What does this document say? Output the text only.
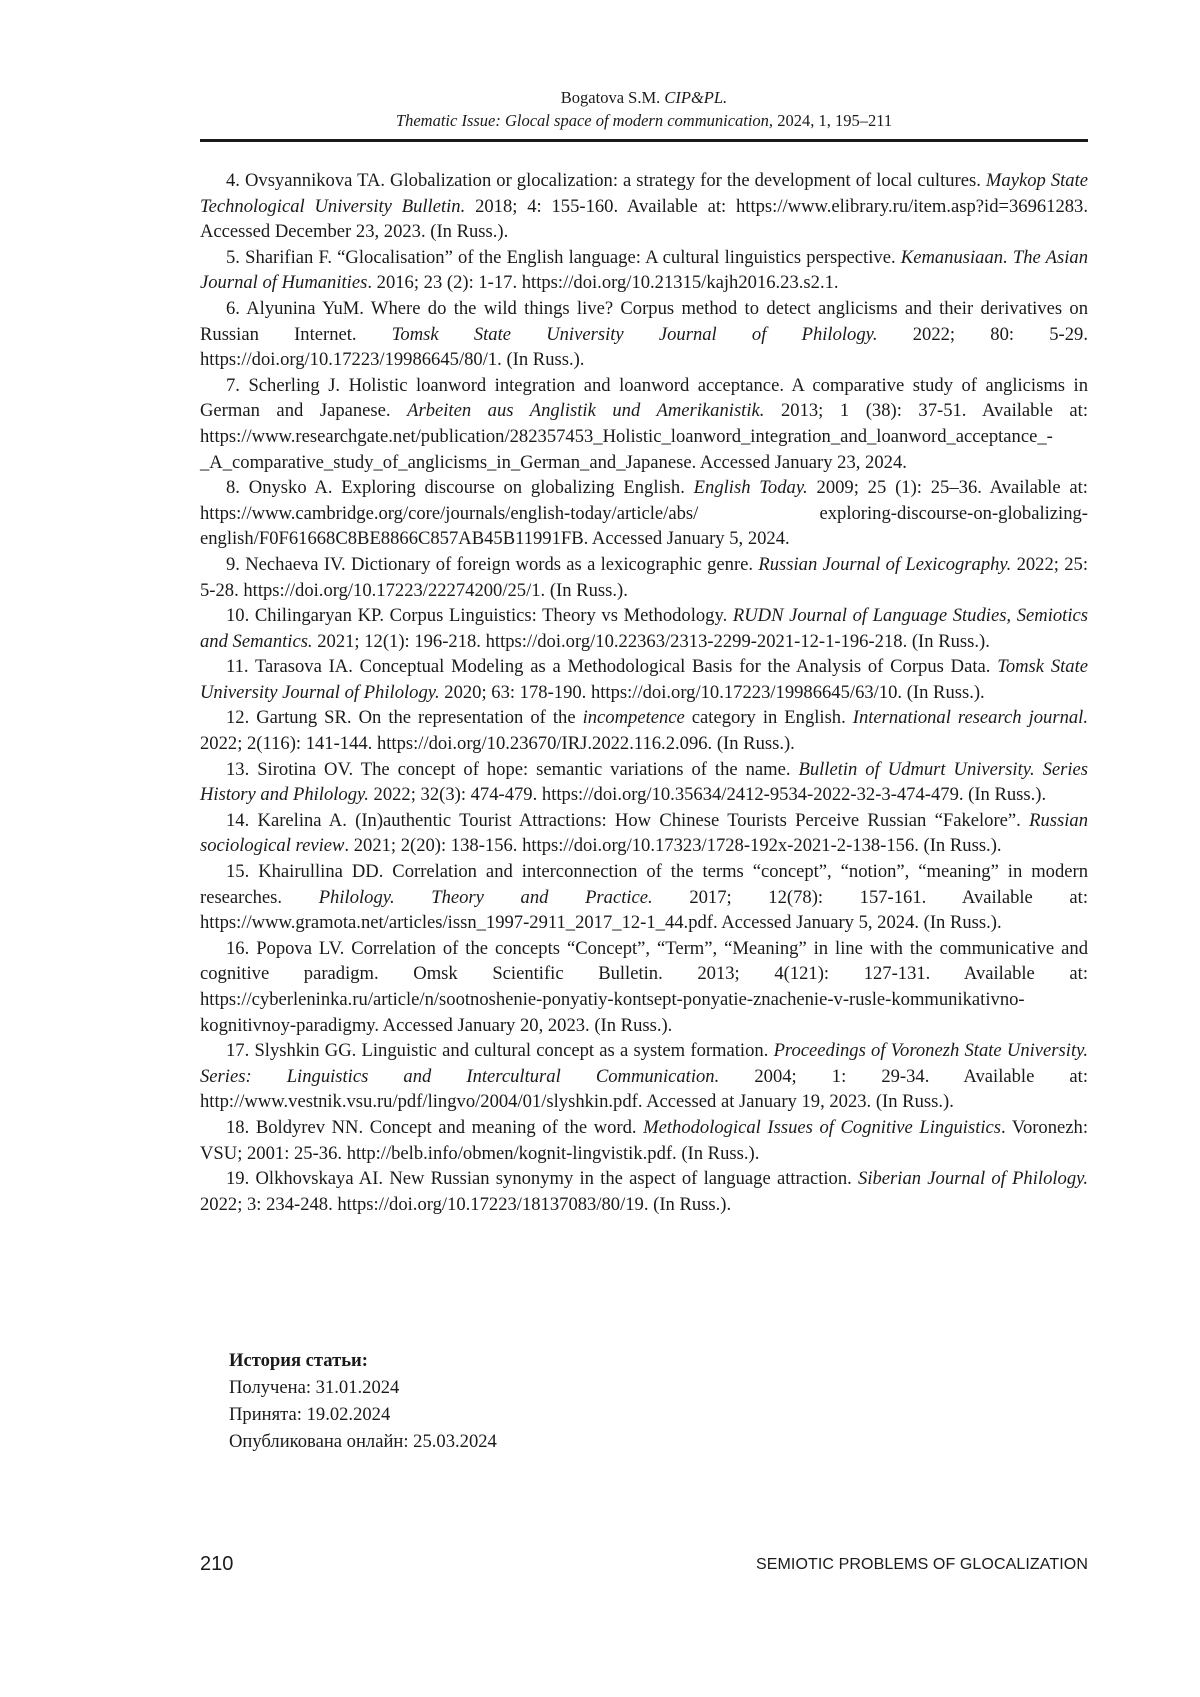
Bogatova S.M. CIP&PL.
Thematic Issue: Glocal space of modern communication, 2024, 1, 195–211

4. Ovsyannikova TA. Globalization or glocalization: a strategy for the development of local cultures. Maykop State Technological University Bulletin. 2018; 4: 155-160. Available at: https://www.elibrary.ru/item.asp?id=36961283. Accessed December 23, 2023. (In Russ.).

5. Sharifian F. “Glocalisation” of the English language: A cultural linguistics perspective. Kemanusiaan. The Asian Journal of Humanities. 2016; 23 (2): 1-17. https://doi.org/10.21315/kajh2016.23.s2.1.

6. Alyunina YuM. Where do the wild things live? Corpus method to detect anglicisms and their derivatives on Russian Internet. Tomsk State University Journal of Philology. 2022; 80: 5-29. https://doi.org/10.17223/19986645/80/1. (In Russ.).

7. Scherling J. Holistic loanword integration and loanword acceptance. A comparative study of anglicisms in German and Japanese. Arbeiten aus Anglistik und Amerikanistik. 2013; 1 (38): 37-51. Available at: https://www.researchgate.net/publication/282357453_Holistic_loanword_integration_and_loanword_acceptance_-_A_comparative_study_of_anglicisms_in_German_and_Japanese. Accessed January 23, 2024.

8. Onysko A. Exploring discourse on globalizing English. English Today. 2009; 25 (1): 25–36. Available at: https://www.cambridge.org/core/journals/english-today/article/abs/ exploring-discourse-on-globalizing-english/F0F61668C8BE8866C857AB45B11991FB. Accessed January 5, 2024.

9. Nechaeva IV. Dictionary of foreign words as a lexicographic genre. Russian Journal of Lexicography. 2022; 25: 5-28. https://doi.org/10.17223/22274200/25/1. (In Russ.).

10. Chilingaryan KP. Corpus Linguistics: Theory vs Methodology. RUDN Journal of Language Studies, Semiotics and Semantics. 2021; 12(1): 196-218. https://doi.org/10.22363/2313-2299-2021-12-1-196-218. (In Russ.).

11. Tarasova IA. Conceptual Modeling as a Methodological Basis for the Analysis of Corpus Data. Tomsk State University Journal of Philology. 2020; 63: 178-190. https://doi.org/10.17223/19986645/63/10. (In Russ.).

12. Gartung SR. On the representation of the incompetence category in English. International research journal. 2022; 2(116): 141-144. https://doi.org/10.23670/IRJ.2022.116.2.096. (In Russ.).

13. Sirotina OV. The concept of hope: semantic variations of the name. Bulletin of Udmurt University. Series History and Philology. 2022; 32(3): 474-479. https://doi.org/10.35634/2412-9534-2022-32-3-474-479. (In Russ.).

14. Karelina A. (In)authentic Tourist Attractions: How Chinese Tourists Perceive Russian “Fakelore”. Russian sociological review. 2021; 2(20): 138-156. https://doi.org/10.17323/1728-192x-2021-2-138-156. (In Russ.).

15. Khairullina DD. Correlation and interconnection of the terms “concept”, “notion”, “meaning” in modern researches. Philology. Theory and Practice. 2017; 12(78): 157-161. Available at: https://www.gramota.net/articles/issn_1997-2911_2017_12-1_44.pdf. Accessed January 5, 2024. (In Russ.).

16. Popova LV. Correlation of the concepts “Concept”, “Term”, “Meaning” in line with the communicative and cognitive paradigm. Omsk Scientific Bulletin. 2013; 4(121): 127-131. Available at: https://cyberleninka.ru/article/n/sootnoshenie-ponyatiy-kontsept-ponyatie-znachenie-v-rusle-kommunikativno-kognitivnoy-paradigmy. Accessed January 20, 2023. (In Russ.).

17. Slyshkin GG. Linguistic and cultural concept as a system formation. Proceedings of Voronezh State University. Series: Linguistics and Intercultural Communication. 2004; 1: 29-34. Available at: http://www.vestnik.vsu.ru/pdf/lingvo/2004/01/slyshkin.pdf. Accessed at January 19, 2023. (In Russ.).

18. Boldyrev NN. Concept and meaning of the word. Methodological Issues of Cognitive Linguistics. Voronezh: VSU; 2001: 25-36. http://belb.info/obmen/kognit-lingvistik.pdf. (In Russ.).

19. Olkhovskaya AI. New Russian synonymy in the aspect of language attraction. Siberian Journal of Philology. 2022; 3: 234-248. https://doi.org/10.17223/18137083/80/19. (In Russ.).

История статьи:
Получена: 31.01.2024
Принята: 19.02.2024
Опубликована онлайн: 25.03.2024
210	SEMIOTIC PROBLEMS OF GLOCALIZATION
